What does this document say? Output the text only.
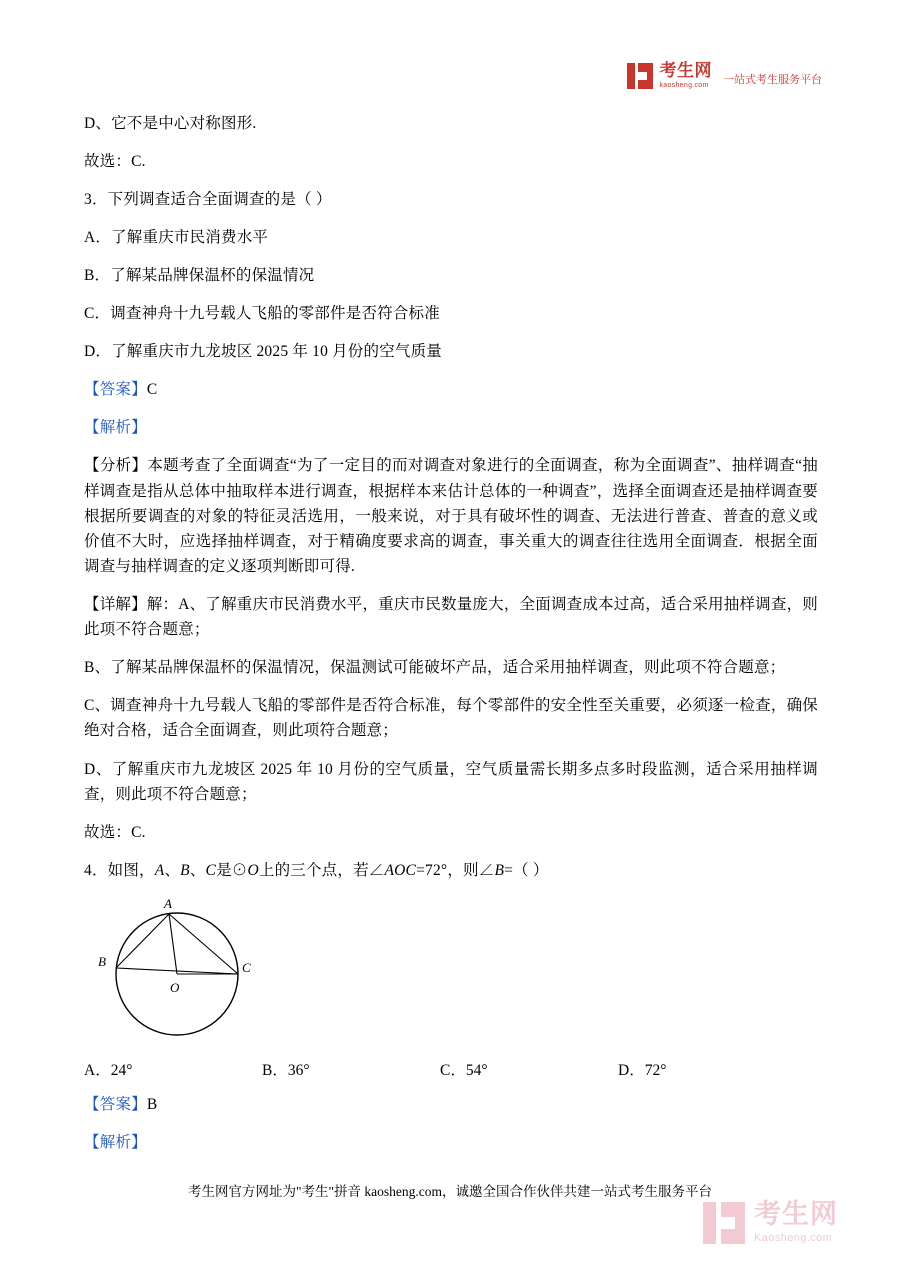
考生网
kaosheng.com	一站式考生服务平台

D、它不是中心对称图形.

故选：C.

3．下列调查适合全面调查的是（ ）

A．了解重庆市民消费水平

B．了解某品牌保温杯的保温情况

C．调查神舟十九号载人飞船的零部件是否符合标准

D．了解重庆市九龙坡区 2025 年 10 月份的空气质量

【答案】C

【解析】

【分析】本题考查了全面调查“为了一定目的而对调查对象进行的全面调查，称为全面调查”、抽样调查“抽样调查是指从总体中抽取样本进行调查，根据样本来估计总体的一种调查”，选择全面调查还是抽样调查要根据所要调查的对象的特征灵活选用，一般来说，对于具有破坏性的调查、无法进行普查、普查的意义或价值不大时，应选择抽样调查，对于精确度要求高的调查，事关重大的调查往往选用全面调查．根据全面调查与抽样调查的定义逐项判断即可得.

【详解】解：A、了解重庆市民消费水平，重庆市民数量庞大，全面调查成本过高，适合采用抽样调查，则此项不符合题意；

B、了解某品牌保温杯的保温情况，保温测试可能破坏产品，适合采用抽样调查，则此项不符合题意；

C、调查神舟十九号载人飞船的零部件是否符合标准，每个零部件的安全性至关重要，必须逐一检查，确保绝对合格，适合全面调查，则此项符合题意；

D、了解重庆市九龙坡区 2025 年 10 月份的空气质量，空气质量需长期多点多时段监测，适合采用抽样调查，则此项不符合题意；

故选：C.

4．如图，A、B、C是⊙O上的三个点，若∠AOC=72°，则∠B=（ ）

A
B	C
O
A．24°	B．36°	C．54°	D．72°

【答案】B

【解析】

考生网官方网址为"考生"拼音 kaosheng.com，诚邀全国合作伙伴共建一站式考生服务平台
考生网
Kaosheng.com
